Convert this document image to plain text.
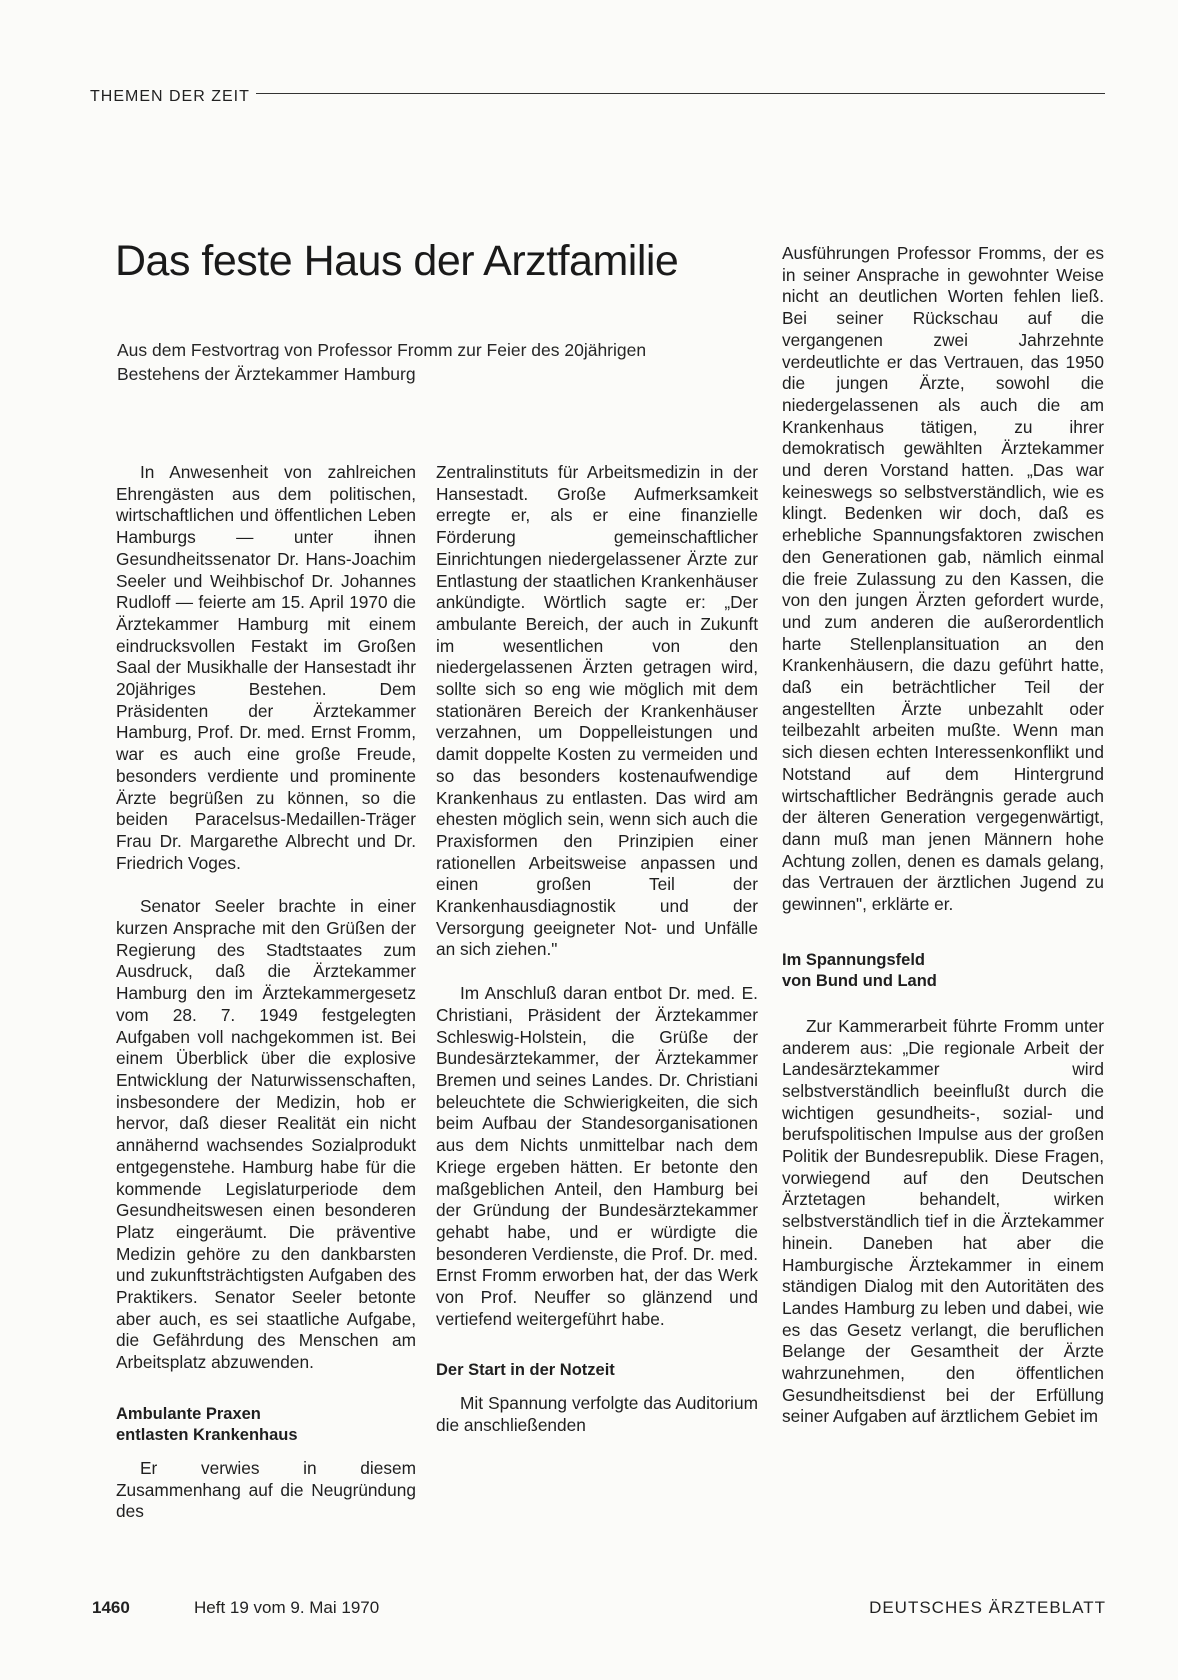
THEMEN DER ZEIT
Das feste Haus der Arztfamilie

Aus dem Festvortrag von Professor Fromm zur Feier des 20jährigen Bestehens der Ärztekammer Hamburg

In Anwesenheit von zahlreichen Ehrengästen aus dem politischen, wirtschaftlichen und öffentlichen Leben Hamburgs — unter ihnen Gesundheitssenator Dr. Hans-Joachim Seeler und Weihbischof Dr. Johannes Rudloff — feierte am 15. April 1970 die Ärztekammer Hamburg mit einem eindrucksvollen Festakt im Großen Saal der Musikhalle der Hansestadt ihr 20jähriges Bestehen. Dem Präsidenten der Ärztekammer Hamburg, Prof. Dr. med. Ernst Fromm, war es auch eine große Freude, besonders verdiente und prominente Ärzte begrüßen zu können, so die beiden Paracelsus-Medaillen-Träger Frau Dr. Margarethe Albrecht und Dr. Friedrich Voges.

Senator Seeler brachte in einer kurzen Ansprache mit den Grüßen der Regierung des Stadtstaates zum Ausdruck, daß die Ärztekammer Hamburg den im Ärztekammergesetz vom 28. 7. 1949 festgelegten Aufgaben voll nachgekommen ist. Bei einem Überblick über die explosive Entwicklung der Naturwissenschaften, insbesondere der Medizin, hob er hervor, daß dieser Realität ein nicht annähernd wachsendes Sozialprodukt entgegenstehe. Hamburg habe für die kommende Legislaturperiode dem Gesundheitswesen einen besonderen Platz eingeräumt. Die präventive Medizin gehöre zu den dankbarsten und zukunftsträchtigsten Aufgaben des Praktikers. Senator Seeler betonte aber auch, es sei staatliche Aufgabe, die Gefährdung des Menschen am Arbeitsplatz abzuwenden.

Ambulante Praxen
entlasten Krankenhaus

Er verwies in diesem Zusammenhang auf die Neugründung des

Zentralinstituts für Arbeitsmedizin in der Hansestadt. Große Aufmerksamkeit erregte er, als er eine finanzielle Förderung gemeinschaftlicher Einrichtungen niedergelassener Ärzte zur Entlastung der staatlichen Krankenhäuser ankündigte. Wörtlich sagte er: „Der ambulante Bereich, der auch in Zukunft im wesentlichen von den niedergelassenen Ärzten getragen wird, sollte sich so eng wie möglich mit dem stationären Bereich der Krankenhäuser verzahnen, um Doppelleistungen und damit doppelte Kosten zu vermeiden und so das besonders kostenaufwendige Krankenhaus zu entlasten. Das wird am ehesten möglich sein, wenn sich auch die Praxisformen den Prinzipien einer rationellen Arbeitsweise anpassen und einen großen Teil der Krankenhausdiagnostik und der Versorgung geeigneter Not- und Unfälle an sich ziehen."

Im Anschluß daran entbot Dr. med. E. Christiani, Präsident der Ärztekammer Schleswig-Holstein, die Grüße der Bundesärztekammer, der Ärztekammer Bremen und seines Landes. Dr. Christiani beleuchtete die Schwierigkeiten, die sich beim Aufbau der Standesorganisationen aus dem Nichts unmittelbar nach dem Kriege ergeben hätten. Er betonte den maßgeblichen Anteil, den Hamburg bei der Gründung der Bundesärztekammer gehabt habe, und er würdigte die besonderen Verdienste, die Prof. Dr. med. Ernst Fromm erworben hat, der das Werk von Prof. Neuffer so glänzend und vertiefend weitergeführt habe.

Der Start in der Notzeit

Mit Spannung verfolgte das Auditorium die anschließenden

Ausführungen Professor Fromms, der es in seiner Ansprache in gewohnter Weise nicht an deutlichen Worten fehlen ließ. Bei seiner Rückschau auf die vergangenen zwei Jahrzehnte verdeutlichte er das Vertrauen, das 1950 die jungen Ärzte, sowohl die niedergelassenen als auch die am Krankenhaus tätigen, zu ihrer demokratisch gewählten Ärztekammer und deren Vorstand hatten. „Das war keineswegs so selbstverständlich, wie es klingt. Bedenken wir doch, daß es erhebliche Spannungsfaktoren zwischen den Generationen gab, nämlich einmal die freie Zulassung zu den Kassen, die von den jungen Ärzten gefordert wurde, und zum anderen die außerordentlich harte Stellenplansituation an den Krankenhäusern, die dazu geführt hatte, daß ein beträchtlicher Teil der angestellten Ärzte unbezahlt oder teilbezahlt arbeiten mußte. Wenn man sich diesen echten Interessenkonflikt und Notstand auf dem Hintergrund wirtschaftlicher Bedrängnis gerade auch der älteren Generation vergegenwärtigt, dann muß man jenen Männern hohe Achtung zollen, denen es damals gelang, das Vertrauen der ärztlichen Jugend zu gewinnen", erklärte er.

Im Spannungsfeld
von Bund und Land

Zur Kammerarbeit führte Fromm unter anderem aus: „Die regionale Arbeit der Landesärztekammer wird selbstverständlich beeinflußt durch die wichtigen gesundheits-, sozial- und berufspolitischen Impulse aus der großen Politik der Bundesrepublik. Diese Fragen, vorwiegend auf den Deutschen Ärztetagen behandelt, wirken selbstverständlich tief in die Ärztekammer hinein. Daneben hat aber die Hamburgische Ärztekammer in einem ständigen Dialog mit den Autoritäten des Landes Hamburg zu leben und dabei, wie es das Gesetz verlangt, die beruflichen Belange der Gesamtheit der Ärzte wahrzunehmen, den öffentlichen Gesundheitsdienst bei der Erfüllung seiner Aufgaben auf ärztlichem Gebiet im

1460	Heft 19 vom 9. Mai 1970	DEUTSCHES ÄRZTEBLATT
